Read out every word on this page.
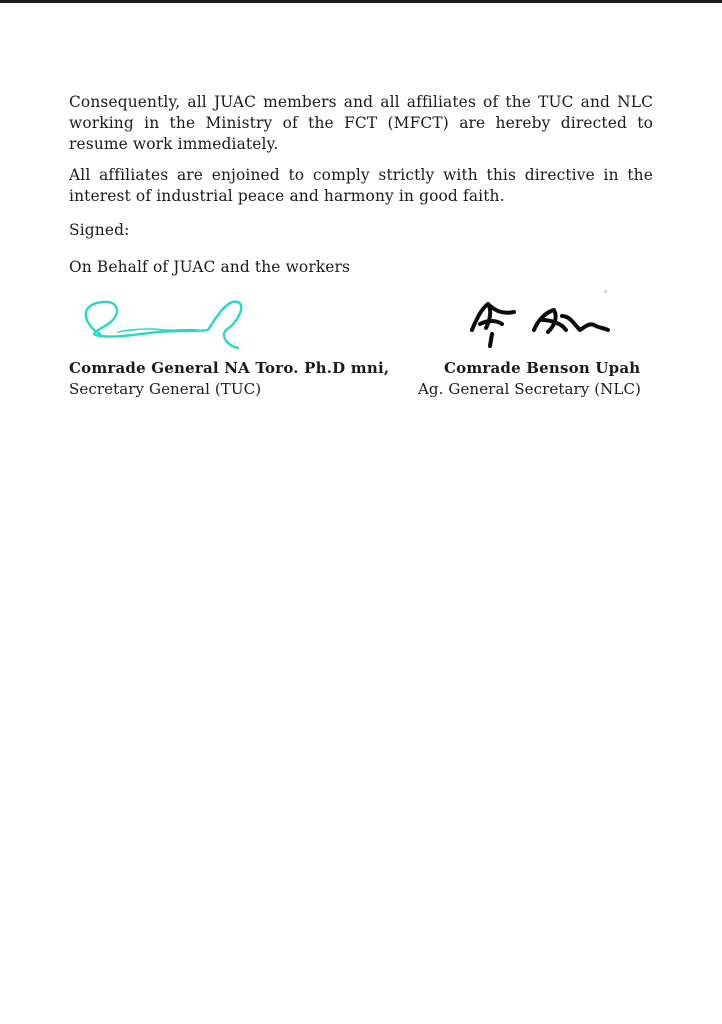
Consequently, all JUAC members and all affiliates of the TUC and NLC working in the Ministry of the FCT (MFCT) are hereby directed to resume work immediately.

All affiliates are enjoined to comply strictly with this directive in the interest of industrial peace and harmony in good faith.

Signed:

On Behalf of JUAC and the workers

Comrade General NA Toro. Ph.D mni,
Secretary General (TUC)
Comrade Benson Upah
Ag. General Secretary (NLC)
